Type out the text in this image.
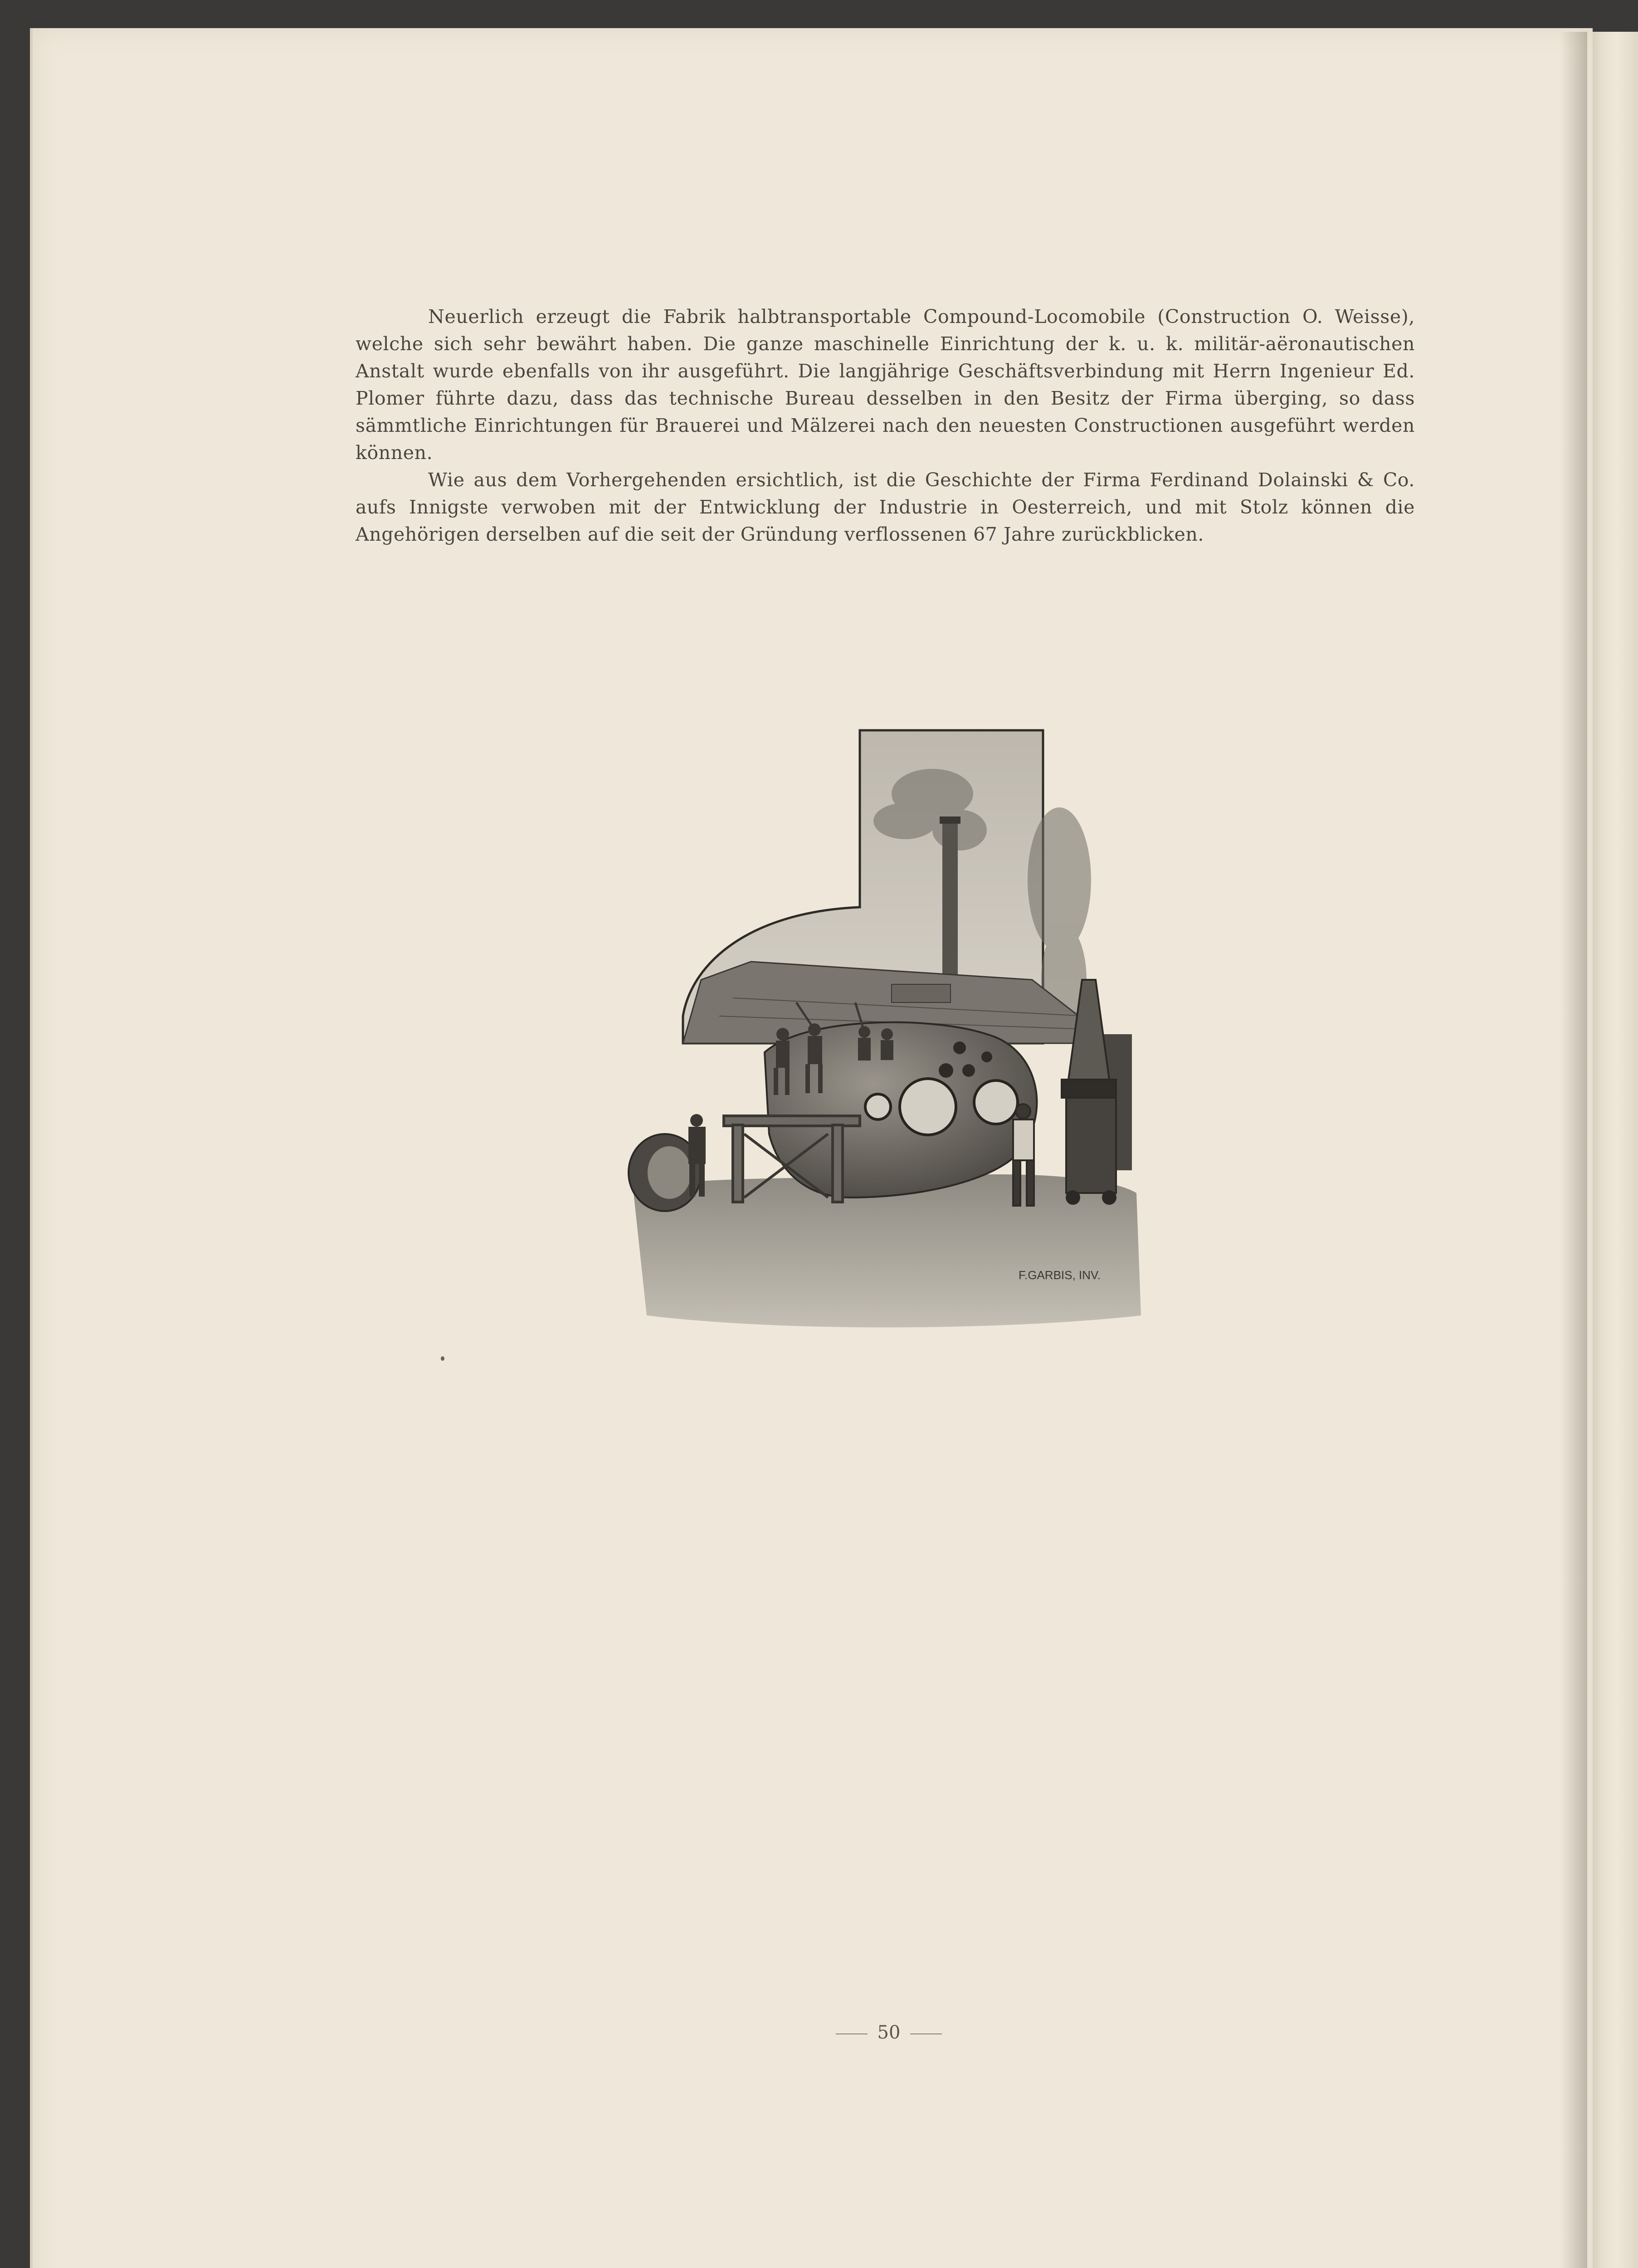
Neuerlich erzeugt die Fabrik halbtransportable Compound-Locomobile (Construction O. Weisse), welche sich sehr bewährt haben. Die ganze maschinelle Einrichtung der k. u. k. militär-aëronautischen Anstalt wurde ebenfalls von ihr ausgeführt. Die langjährige Geschäftsverbindung mit Herrn Ingenieur Ed. Plomer führte dazu, dass das technische Bureau desselben in den Besitz der Firma überging, so dass sämmtliche Einrichtungen für Brauerei und Mälzerei nach den neuesten Constructionen ausgeführt werden können.

Wie aus dem Vorhergehenden ersichtlich, ist die Geschichte der Firma Ferdinand Dolainski & Co. aufs Innigste verwoben mit der Entwicklung der Industrie in Oesterreich, und mit Stolz können die Angehörigen derselben auf die seit der Gründung verflossenen 67 Jahre zurückblicken.

F.GARBIS, INV.
50
